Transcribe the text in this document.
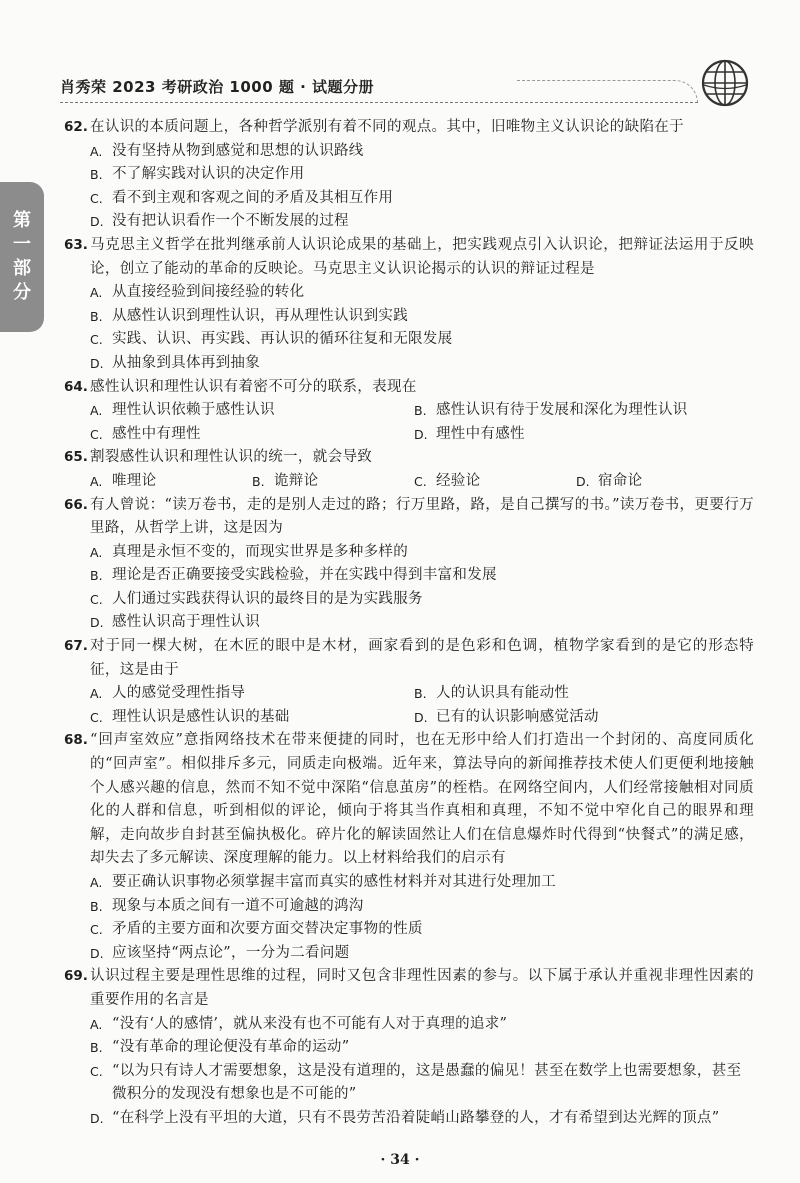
肖秀荣 2023 考研政治 1000 题 · 试题分册
第一部分
62. 在认识的本质问题上，各种哲学派别有着不同的观点。其中，旧唯物主义认识论的缺陷在于
A. 没有坚持从物到感觉和思想的认识路线
B. 不了解实践对认识的决定作用
C. 看不到主观和客观之间的矛盾及其相互作用
D. 没有把认识看作一个不断发展的过程
63. 马克思主义哲学在批判继承前人认识论成果的基础上，把实践观点引入认识论，把辩证法运用于反映论，创立了能动的革命的反映论。马克思主义认识论揭示的认识的辩证过程是
A. 从直接经验到间接经验的转化
B. 从感性认识到理性认识，再从理性认识到实践
C. 实践、认识、再实践、再认识的循环往复和无限发展
D. 从抽象到具体再到抽象
64. 感性认识和理性认识有着密不可分的联系，表现在
A. 理性认识依赖于感性认识	B. 感性认识有待于发展和深化为理性认识
C. 感性中有理性	D. 理性中有感性
65. 割裂感性认识和理性认识的统一，就会导致
A. 唯理论	B. 诡辩论	C. 经验论	D. 宿命论
66. 有人曾说：“读万卷书，走的是别人走过的路；行万里路，路，是自己撰写的书。”读万卷书，更要行万里路，从哲学上讲，这是因为
A. 真理是永恒不变的，而现实世界是多种多样的
B. 理论是否正确要接受实践检验，并在实践中得到丰富和发展
C. 人们通过实践获得认识的最终目的是为实践服务
D. 感性认识高于理性认识
67. 对于同一棵大树，在木匠的眼中是木材，画家看到的是色彩和色调，植物学家看到的是它的形态特征，这是由于
A. 人的感觉受理性指导	B. 人的认识具有能动性
C. 理性认识是感性认识的基础	D. 已有的认识影响感觉活动
68. “回声室效应”意指网络技术在带来便捷的同时，也在无形中给人们打造出一个封闭的、高度同质化的“回声室”。相似排斥多元，同质走向极端。近年来，算法导向的新闻推荐技术使人们更便利地接触个人感兴趣的信息，然而不知不觉中深陷“信息茧房”的桎梏。在网络空间内，人们经常接触相对同质化的人群和信息，听到相似的评论，倾向于将其当作真相和真理，不知不觉中窄化自己的眼界和理解，走向故步自封甚至偏执极化。碎片化的解读固然让人们在信息爆炸时代得到“快餐式”的满足感，却失去了多元解读、深度理解的能力。以上材料给我们的启示有
A. 要正确认识事物必须掌握丰富而真实的感性材料并对其进行处理加工
B. 现象与本质之间有一道不可逾越的鸿沟
C. 矛盾的主要方面和次要方面交替决定事物的性质
D. 应该坚持“两点论”，一分为二看问题
69. 认识过程主要是理性思维的过程，同时又包含非理性因素的参与。以下属于承认并重视非理性因素的重要作用的名言是
A. “没有‘人的感情’，就从来没有也不可能有人对于真理的追求”
B. “没有革命的理论便没有革命的运动”
C. “以为只有诗人才需要想象，这是没有道理的，这是愚蠢的偏见！甚至在数学上也需要想象，甚至微积分的发现没有想象也是不可能的”
D. “在科学上没有平坦的大道，只有不畏劳苦沿着陡峭山路攀登的人，才有希望到达光辉的顶点”
· 34 ·
